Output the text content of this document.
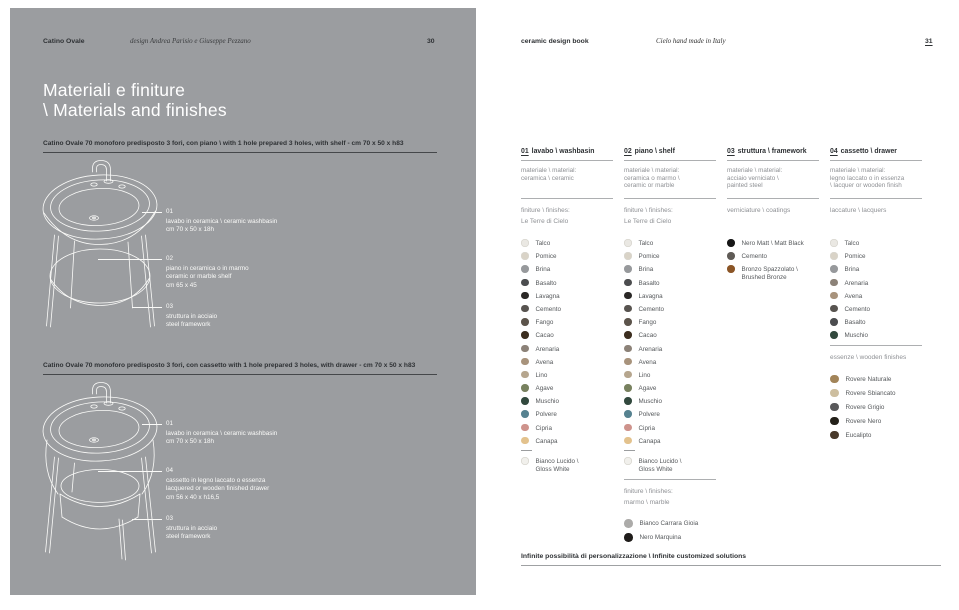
Catino Ovale	design Andrea Parisio e Giuseppe Pezzano	30
Materiali e finiture
\ Materials and finishes
Catino Ovale 70 monoforo predisposto 3 fori, con piano \ with 1 hole prepared 3 holes, with shelf - cm 70 x 50 x h83
Catino Ovale 70 monoforo predisposto 3 fori, con cassetto with 1 hole prepared 3 holes, with drawer - cm 70 x 50 x h83
01
lavabo in ceramica \ ceramic washbasin
cm 70 x 50 x 18h
02
piano in ceramica o in marmo
ceramic or marble shelf
cm 65 x 45
03
struttura in acciaio
steel framework
01
lavabo in ceramica \ ceramic washbasin
cm 70 x 50 x 18h
04
cassetto in legno laccato o essenza
lacquered or wooden finished drawer
cm 56 x 40 x h16,5
03
struttura in acciaio
steel framework
ceramic design book	Cielo hand made in Italy	31
01 lavabo \ washbasin
materiale \ material:
ceramica \ ceramic
finiture \ finishes:
Le Terre di Cielo
Talco
Pomice
Brina
Basalto
Lavagna
Cemento
Fango
Cacao
Arenaria
Avena
Lino
Agave
Muschio
Polvere
Cipria
Canapa
Bianco Lucido \
Gloss White
02 piano \ shelf
materiale \ material:
ceramica o marmo \
ceramic or marble
finiture \ finishes:
Le Terre di Cielo
Talco
Pomice
Brina
Basalto
Lavagna
Cemento
Fango
Cacao
Arenaria
Avena
Lino
Agave
Muschio
Polvere
Cipria
Canapa
Bianco Lucido \
Gloss White
finiture \ finishes:
marmo \ marble
Bianco Carrara Gioia
Nero Marquina
03 struttura \ framework
materiale \ material:
acciaio verniciato \
painted steel
verniciature \ coatings
Nero Matt \ Matt Black
Cemento
Bronzo Spazzolato \
Brushed Bronze
04 cassetto \ drawer
materiale \ material:
legno laccato o in essenza
\ lacquer or wooden finish
laccature \ lacquers
Talco
Pomice
Brina
Arenaria
Avena
Cemento
Basalto
Muschio
essenze \ wooden finishes
Rovere Naturale
Rovere Sbiancato
Rovere Grigio
Rovere Nero
Eucalipto
Infinite possibilità di personalizzazione \ Infinite customized solutions
